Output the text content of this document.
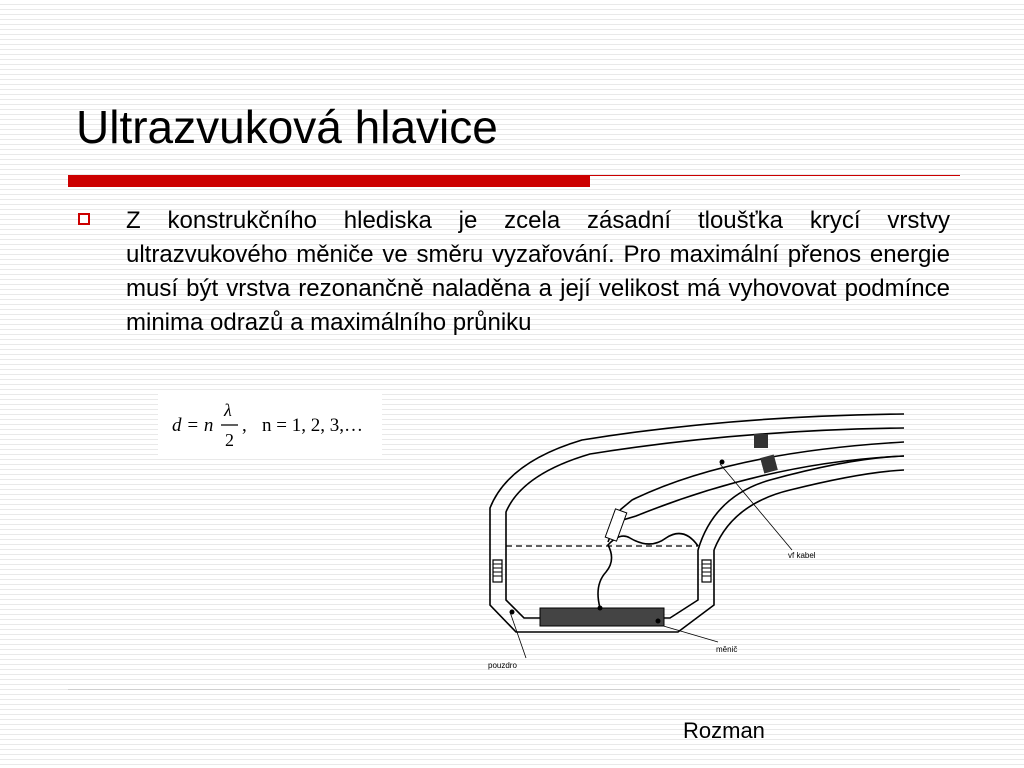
Ultrazvuková hlavice
Z konstrukčního hlediska je zcela zásadní tloušťka krycí vrstvy ultrazvukového měniče ve směru vyzařování. Pro maximální přenos energie musí být vrstva rezonančně naladěna a její velikost má vyhovovat podmínce minima odrazů a maximálního průniku
d = n
λ
2
, n = 1, 2, 3,…
vf kabel
měnič
pouzdro
Rozman
